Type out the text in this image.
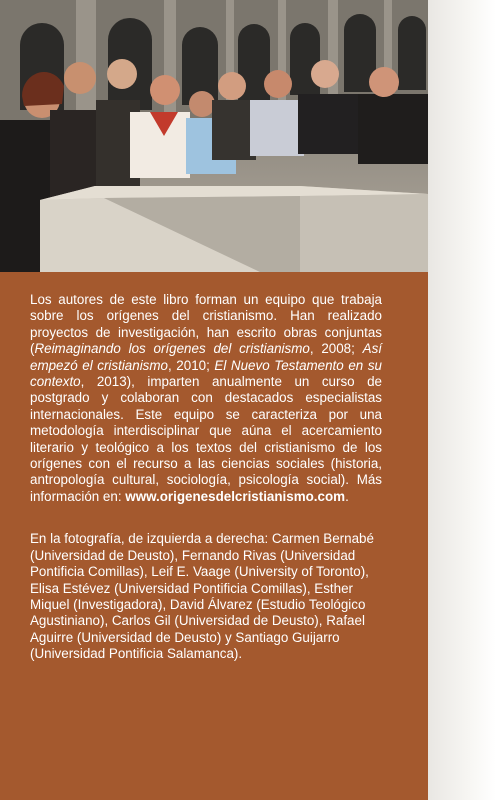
Los autores de este libro forman un equipo que trabaja sobre los orígenes del cristianismo. Han realizado proyectos de investigación, han escrito obras conjuntas (Reimaginando los orígenes del cristianismo, 2008; Así empezó el cristianismo, 2010; El Nuevo Testamento en su contexto, 2013), imparten anualmente un curso de postgrado y colaboran con destacados especialistas internacionales. Este equipo se caracteriza por una metodología interdisciplinar que aúna el acercamiento literario y teológico a los textos del cristianismo de los orígenes con el recurso a las ciencias sociales (historia, antropología cultural, sociología, psicología social). Más información en: www.origenesdelcristianismo.com.

En la fotografía, de izquierda a derecha: Carmen Bernabé (Universidad de Deusto), Fernando Rivas (Universidad Pontificia Comillas), Leif E. Vaage (University of Toronto), Elisa Estévez (Universidad Pontificia Comillas), Esther Miquel (Investigadora), David Álvarez (Estudio Teológico Agustiniano), Carlos Gil (Universidad de Deusto), Rafael Aguirre (Universidad de Deusto) y Santiago Guijarro (Universidad Pontificia Salamanca).
